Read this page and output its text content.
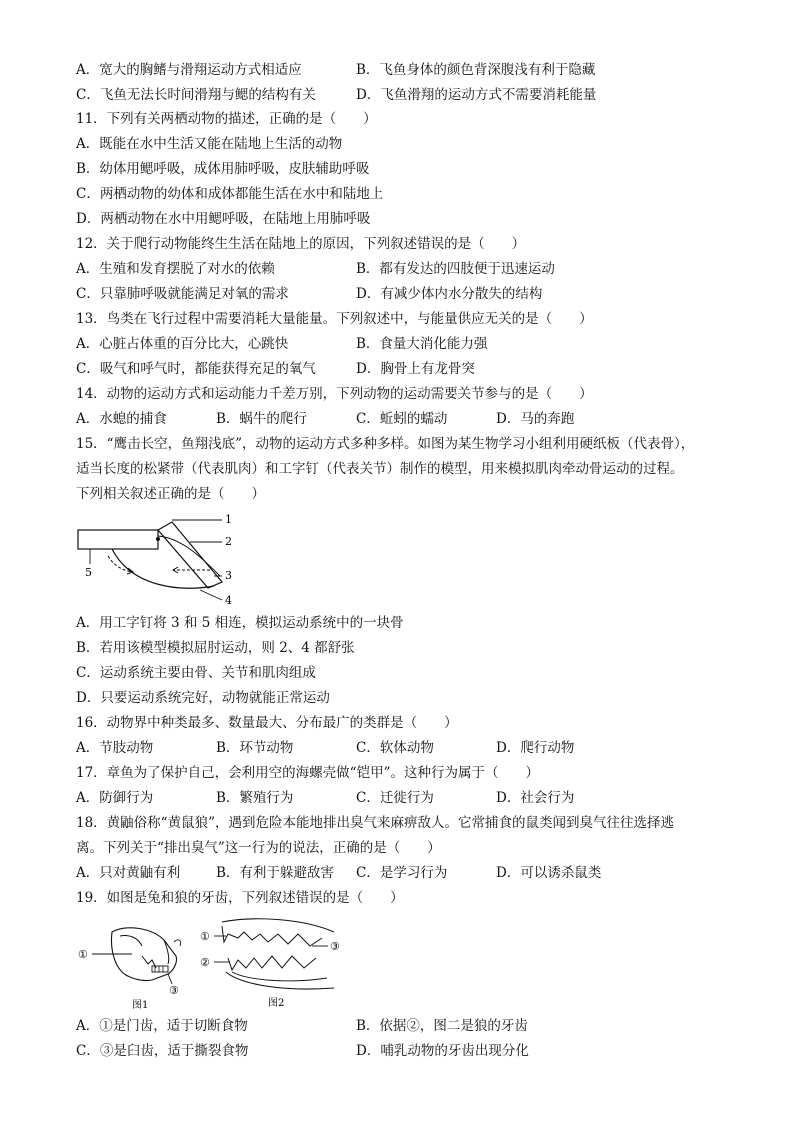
A．宽大的胸鳍与滑翔运动方式相适应	B．飞鱼身体的颜色背深腹浅有利于隐藏
C．飞鱼无法长时间滑翔与鳃的结构有关	D．飞鱼滑翔的运动方式不需要消耗能量
11．下列有关两栖动物的描述，正确的是（　　）
A．既能在水中生活又能在陆地上生活的动物
B．幼体用鳃呼吸，成体用肺呼吸，皮肤辅助呼吸
C．两栖动物的幼体和成体都能生活在水中和陆地上
D．两栖动物在水中用鳃呼吸，在陆地上用肺呼吸
12．关于爬行动物能终生生活在陆地上的原因，下列叙述错误的是（　　）
A．生殖和发育摆脱了对水的依赖	B．都有发达的四肢便于迅速运动
C．只靠肺呼吸就能满足对氧的需求	D．有减少体内水分散失的结构
13．鸟类在飞行过程中需要消耗大量能量。下列叙述中，与能量供应无关的是（　　）
A．心脏占体重的百分比大，心跳快	B．食量大消化能力强
C．吸气和呼气时，都能获得充足的氧气	D．胸骨上有龙骨突
14．动物的运动方式和运动能力千差万别，下列动物的运动需要关节参与的是（　　）
A．水螅的捕食	B．蜗牛的爬行	C．蚯蚓的蠕动	D．马的奔跑
15．“鹰击长空，鱼翔浅底”，动物的运动方式多种多样。如图为某生物学习小组利用硬纸板（代表骨），
适当长度的松紧带（代表肌肉）和工字钉（代表关节）制作的模型，用来模拟肌肉牵动骨运动的过程。
下列相关叙述正确的是（　　）
1
2
3
4
5
A．用工字钉将 3 和 5 相连，模拟运动系统中的一块骨
B．若用该模型模拟屈肘运动，则 2、4 都舒张
C．运动系统主要由骨、关节和肌肉组成
D．只要运动系统完好，动物就能正常运动
16．动物界中种类最多、数量最大、分布最广的类群是（　　）
A．节肢动物	B．环节动物	C．软体动物	D．爬行动物
17．章鱼为了保护自己，会利用空的海螺壳做“铠甲”。这种行为属于（　　）
A．防御行为	B．繁殖行为	C．迁徙行为	D．社会行为
18．黄鼬俗称“黄鼠狼”，遇到危险本能地排出臭气来麻痹敌人。它常捕食的鼠类闻到臭气往往选择逃
离。下列关于“排出臭气”这一行为的说法，正确的是（　　）
A．只对黄鼬有利	B．有利于躲避敌害 C．是学习行为	D．可以诱杀鼠类
19．如图是兔和狼的牙齿，下列叙述错误的是（　　）
①
③
图1
①
②
③
图2
A．①是门齿，适于切断食物	B．依据②，图二是狼的牙齿
C．③是臼齿，适于撕裂食物	D．哺乳动物的牙齿出现分化
